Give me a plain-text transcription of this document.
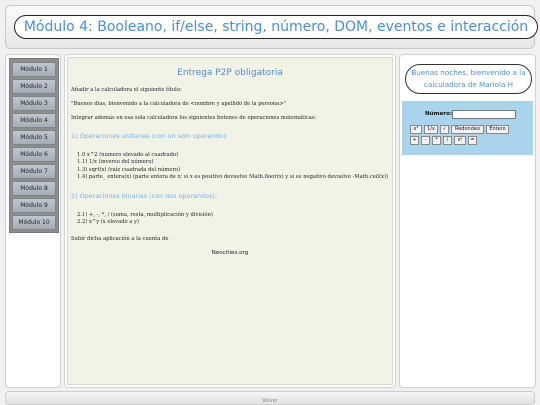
Módulo 4: Booleano, if/else, string, número, DOM, eventos e interacción
Módulo 1
Módulo 2
Módulo 3
Módulo 4
Módulo 5
Módulo 6
Módulo 7
Módulo 8
Módulo 9
Módulo 10
Entrega P2P obligatoria
Añadir a la calculadora el siguiente título:
"Buenos días, bienvenido a la calculadora de <nombre y apellido de la persona>"
Integrar además en esa sola calculadora los siguientes botones de operaciones matemáticas:
1) Operaciones unitarias (con un solo operando):
1.0 x^2 (número elevado al cuadrado)
1.1) 1/x (inverso del número)
1.3) sqrt(x) (raíz cuadrada del número)
1.4) parte_ entera(x) (parte entera de x: si x es positivo devuelve Math.floor(x) y si es negativo devuelve -Math.ceil(x))
2) Operaciones binarias (con dos operandos):
2.1) +, -, *, / (suma, resta, multiplicación y división)
2.2) x^y (x elevado a y)
Subir dicha aplicación a la cuenta de
Neocities.org
Buenas noches, bienvenido a la calculadora de Mariola H
Número:
x²	1/x	√	Redondeo	Entero
+	-	*	/	xʸ	=
Volver
